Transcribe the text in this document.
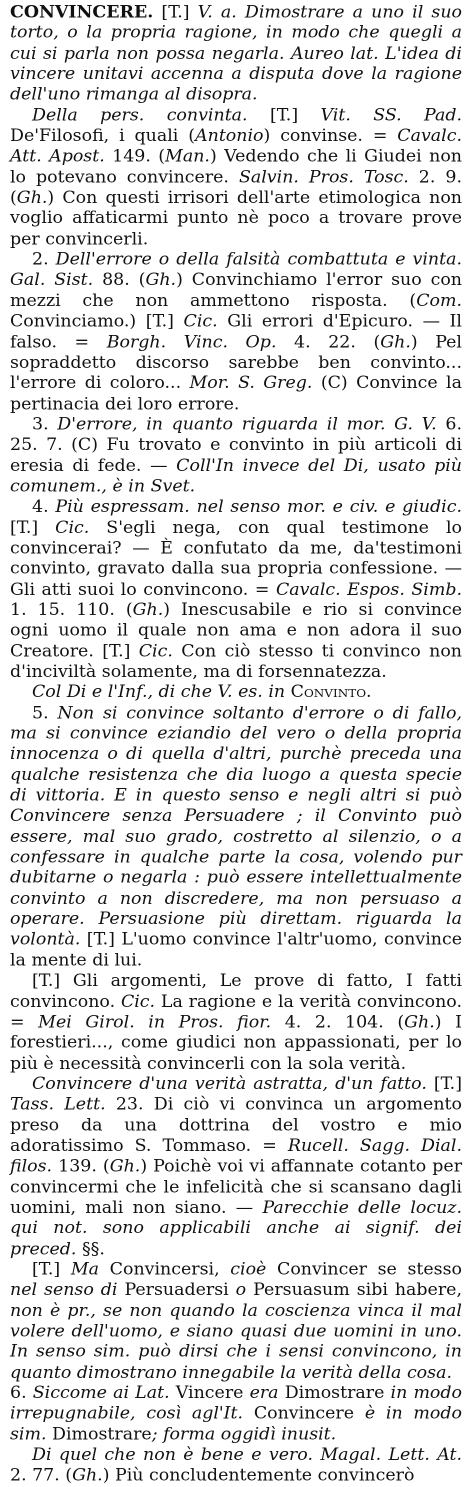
CONVINCERE. [T.] V. a. Dimostrare a uno il suo torto, o la propria ragione, in modo che quegli a cui si parla non possa negarla. Aureo lat. L'idea di vincere unitavi accenna a disputa dove la ragione dell'uno rimanga al disopra.

Della pers. convinta. [T.] Vit. SS. Pad. De'Filosofi, i quali (Antonio) convinse. = Cavalc. Att. Apost. 149. (Man.) Vedendo che li Giudei non lo potevano convincere. Salvin. Pros. Tosc. 2. 9. (Gh.) Con questi irrisori dell'arte etimologica non voglio affaticarmi punto nè poco a trovare prove per convincerli.

2. Dell'errore o della falsità combattuta e vinta. Gal. Sist. 88. (Gh.) Convinchiamo l'error suo con mezzi che non ammettono risposta. (Com. Convinciamo.) [T.] Cic. Gli errori d'Epicuro. — Il falso. = Borgh. Vinc. Op. 4. 22. (Gh.) Pel sopraddetto discorso sarebbe ben convinto... l'errore di coloro... Mor. S. Greg. (C) Convince la pertinacia dei loro errore.

3. D'errore, in quanto riguarda il mor. G. V. 6. 25. 7. (C) Fu trovato e convinto in più articoli di eresia di fede. — Coll'In invece del Di, usato più comunem., è in Svet.

4. Più espressam. nel senso mor. e civ. e giudic. [T.] Cic. S'egli nega, con qual testimone lo convincerai? — È confutato da me, da'testimoni convinto, gravato dalla sua propria confessione. — Gli atti suoi lo convincono. = Cavalc. Espos. Simb. 1. 15. 110. (Gh.) Inescusabile e rio si convince ogni uomo il quale non ama e non adora il suo Creatore. [T.] Cic. Con ciò stesso ti convinco non d'inciviltà solamente, ma di forsennatezza.

Col Di e l'Inf., di che V. es. in Convinto.

5. Non si convince soltanto d'errore o di fallo, ma si convince eziandio del vero o della propria innocenza o di quella d'altri, purchè preceda una qualche resistenza che dia luogo a questa specie di vittoria. E in questo senso e negli altri si può Convincere senza Persuadere ; il Convinto può essere, mal suo grado, costretto al silenzio, o a confessare in qualche parte la cosa, volendo pur dubitarne o negarla : può essere intellettualmente convinto a non discredere, ma non persuaso a operare. Persuasione più direttam. riguarda la volontà. [T.] L'uomo convince l'altr'uomo, convince la mente di lui.

[T.] Gli argomenti, Le prove di fatto, I fatti convincono. Cic. La ragione e la verità convincono. = Mei Girol. in Pros. fior. 4. 2. 104. (Gh.) I forestieri..., come giudici non appassionati, per lo più è necessità convincerli con la sola verità.

Convincere d'una verità astratta, d'un fatto. [T.] Tass. Lett. 23. Di ciò vi convinca un argomento preso da una dottrina del vostro e mio adoratissimo S. Tommaso. = Rucell. Sagg. Dial. filos. 139. (Gh.) Poichè voi vi affannate cotanto per convincermi che le infelicità che si scansano dagli uomini, mali non siano. — Parecchie delle locuz. qui not. sono applicabili anche ai signif. dei preced. §§.

[T.] Ma Convincersi, cioè Convincer se stesso nel senso di Persuadersi o Persuasum sibi habere, non è pr., se non quando la coscienza vinca il mal volere dell'uomo, e siano quasi due uomini in uno. In senso sim. può dirsi che i sensi convincono, in quanto dimostrano innegabile la verità della cosa.

6. Siccome ai Lat. Vincere era Dimostrare in modo irrepugnabile, così agl'It. Convincere è in modo sim. Dimostrare; forma oggidì inusit.

Di quel che non è bene e vero. Magal. Lett. At. 2. 77. (Gh.) Più concludentemente convincerò
